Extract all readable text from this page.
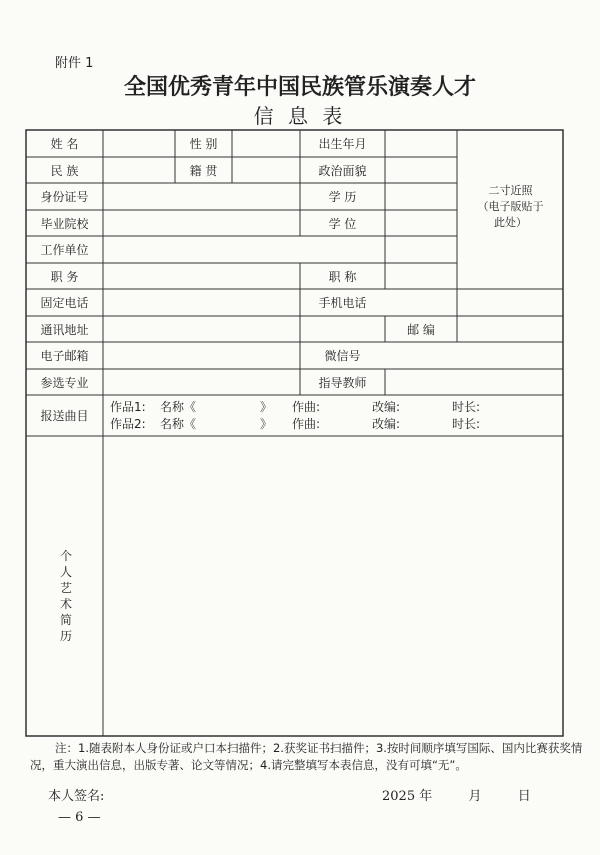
附件 1
全国优秀青年中国民族管乐演奏人才
信 息 表
姓 名	性 别	出生年月
民 族	籍 贯	政治面貌
身份证号	学 历
毕业院校	学 位
工作单位
职 务	职 称
二寸近照
（电子版贴于
此处）
固定电话	手机电话
通讯地址	邮 编
电子邮箱	微信号
参选专业	指导教师
报送曲目
作品1: 名称《	》 作曲:	改编:	时长:
作品2: 名称《	》 作曲:	改编:	时长:
个人艺术简历
注：1.随表附本人身份证或户口本扫描件；2.获奖证书扫描件；3.按时间顺序填写国际、国内比赛获奖情况，重大演出信息，出版专著、论文等情况；4.请完整填写本表信息，没有可填“无”。
本人签名:	2025 年	月	日
— 6 —
